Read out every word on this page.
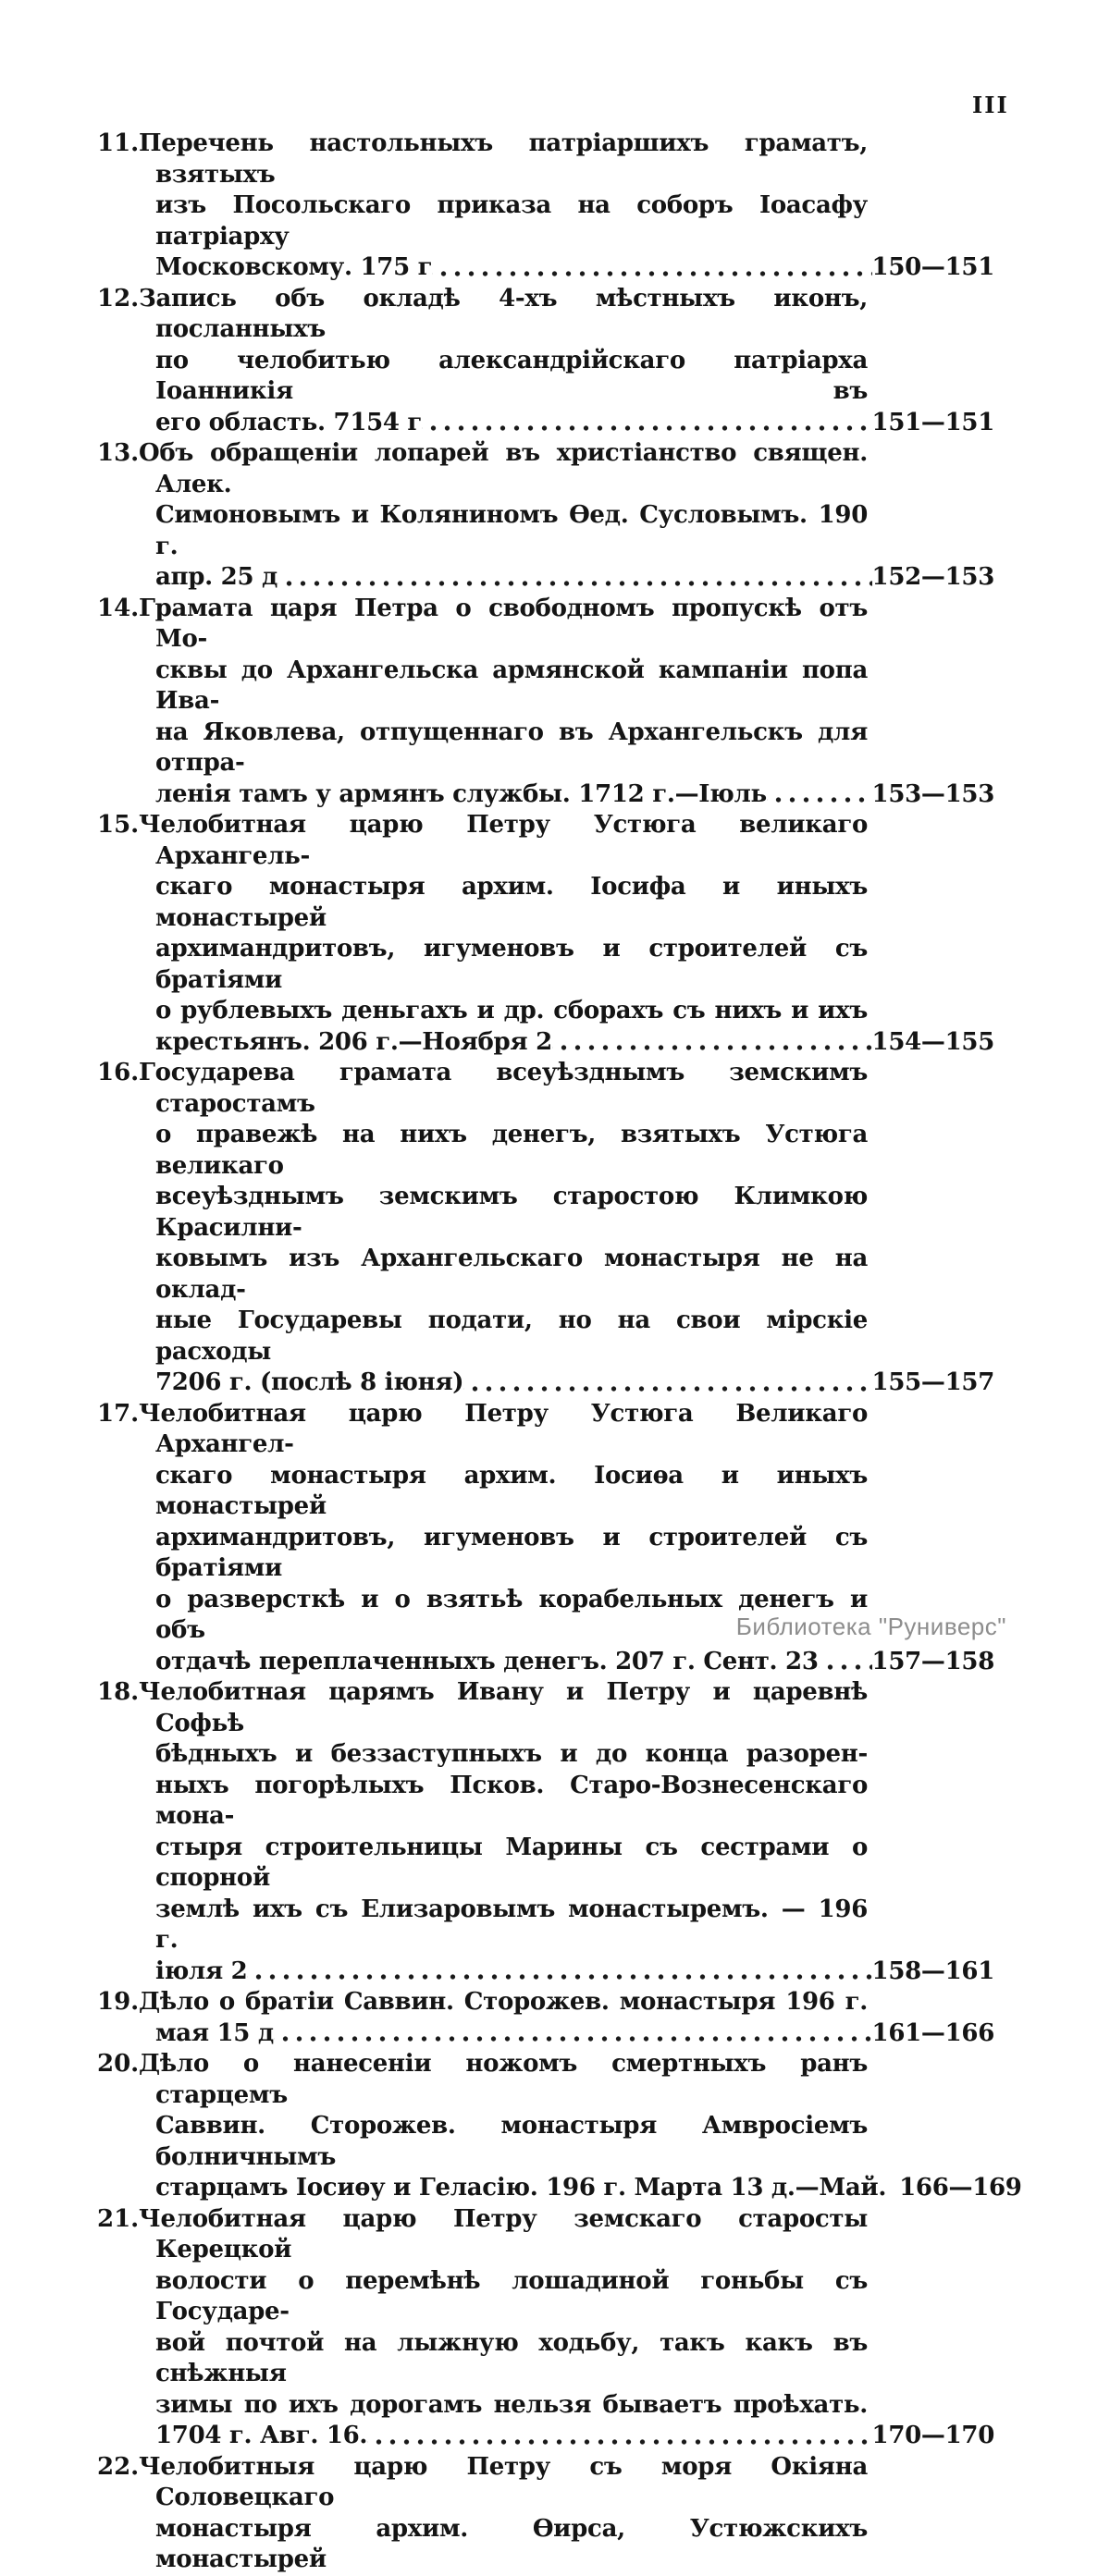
III
11. Перечень настольныхъ патріаршихъ граматъ, взятыхъ
изъ Посольскаго приказа на соборъ Іоасафу патріарху
Московскому. 175 г	150—151
12. Запись объ окладѣ 4-хъ мѣстныхъ иконъ, посланныхъ
по челобитью александрійскаго патріарха Іоанникія въ
его область. 7154 г	151—151
13. Объ обращеніи лопарей въ христіанство священ. Алек.
Симоновымъ и Коляниномъ Ѳед. Сусловымъ. 190 г.
апр. 25 д	152—153
14. Грамата царя Петра о свободномъ пропускѣ отъ Мо-
сквы до Архангельска армянской кампаніи попа Ива-
на Яковлева, отпущеннаго въ Архангельскъ для отпра-
ленія тамъ у армянъ службы. 1712 г.—Іюль	153—153
15. Челобитная царю Петру Устюга великаго Архангель-
скаго монастыря архим. Іосифа и иныхъ монастырей
архимандритовъ, игуменовъ и строителей съ братіями
о рублевыхъ деньгахъ и др. сборахъ съ нихъ и ихъ
крестьянъ. 206 г.—Ноября 2	154—155
16. Государева грамата всеуѣзднымъ земскимъ старостамъ
о правежѣ на нихъ денегъ, взятыхъ Устюга великаго
всеуѣзднымъ земскимъ старостою Климкою Красилни-
ковымъ изъ Архангельскаго монастыря не на оклад-
ные Государевы подати, но на свои мірскіе расходы
7206 г. (послѣ 8 іюня)	155—157
17. Челобитная царю Петру Устюга Великаго Архангел-
скаго монастыря архим. Іосиѳа и иныхъ монастырей
архимандритовъ, игуменовъ и строителей съ братіями
о разверсткѣ и о взятьѣ корабельных денегъ и объ
отдачѣ переплаченныхъ денегъ. 207 г. Сент. 23 157—158
18. Челобитная царямъ Ивану и Петру и царевнѣ Софьѣ
бѣдныхъ и беззаступныхъ и до конца разорен-
ныхъ погорѣлыхъ Псков. Старо-Вознесенскаго мона-
стыря строительницы Марины съ сестрами о спорной
землѣ ихъ съ Елизаровымъ монастыремъ. — 196 г.
іюля 2	158—161
19. Дѣло о братіи Саввин. Сторожев. монастыря 196 г.
мая 15 д	161—166
20. Дѣло о нанесеніи ножомъ смертныхъ ранъ старцемъ
Саввин. Сторожев. монастыря Амвросіемъ болничнымъ
старцамъ Іосиѳу и Геласію. 196 г. Марта 13 д.—Май. 166—169
21. Челобитная царю Петру земскаго старосты Керецкой
волости о перемѣнѣ лошадиной гоньбы съ Государе-
вой почтой на лыжную ходьбу, такъ какъ въ снѣжныя
зимы по ихъ дорогамъ нельзя бываетъ проѣхать.
1704 г. Авг. 16.	170—170
22. Челобитныя царю Петру съ моря Окіяна Соловецкаго
монастыря архим. Ѳирса, Устюжскихъ монастырей
Библиотека "Руниверс"
